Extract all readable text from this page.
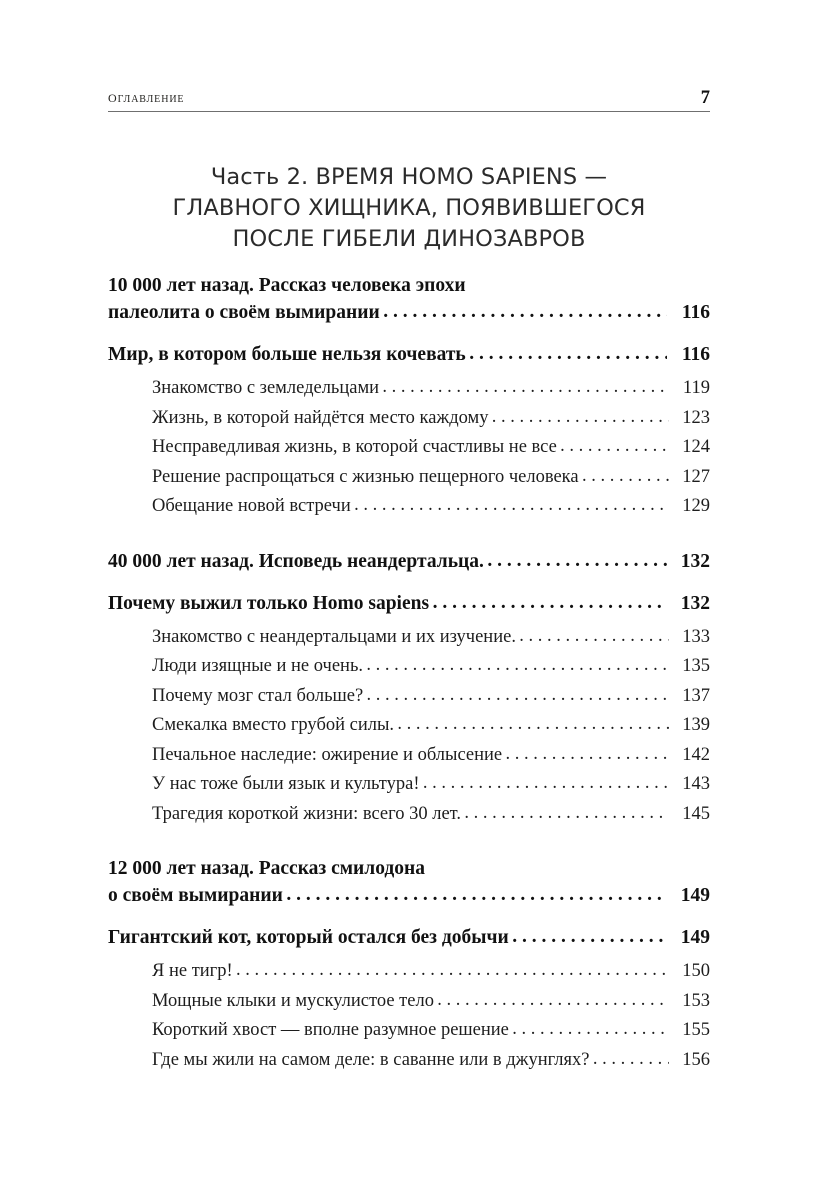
оглавление	7
Часть 2. ВРЕМЯ HOMO SAPIENS —
ГЛАВНОГО ХИЩНИКА, ПОЯВИВШЕГОСЯ
ПОСЛЕ ГИБЕЛИ ДИНОЗАВРОВ
10 000 лет назад. Рассказ человека эпохи
палеолита о своём вымирании . . .	116
Мир, в котором больше нельзя кочевать . . .	116
Знакомство с земледельцами . . .	119
Жизнь, в которой найдётся место каждому . . .	123
Несправедливая жизнь, в которой счастливы не все . . .	124
Решение распрощаться с жизнью пещерного человека . . .	127
Обещание новой встречи . . .	129
40 000 лет назад. Исповедь неандертальца. . . .	132
Почему выжил только Homo sapiens . . .	132
Знакомство с неандертальцами и их изучение. . . .	133
Люди изящные и не очень. . . .	135
Почему мозг стал больше? . . .	137
Смекалка вместо грубой силы. . . .	139
Печальное наследие: ожирение и облысение . . .	142
У нас тоже были язык и культура! . . .	143
Трагедия короткой жизни: всего 30 лет. . . .	145
12 000 лет назад. Рассказ смилодона
о своём вымирании . . .	149
Гигантский кот, который остался без добычи . . .	149
Я не тигр! . . .	150
Мощные клыки и мускулистое тело . . .	153
Короткий хвост — вполне разумное решение . . .	155
Где мы жили на самом деле: в саванне или в джунглях? . . .	156
